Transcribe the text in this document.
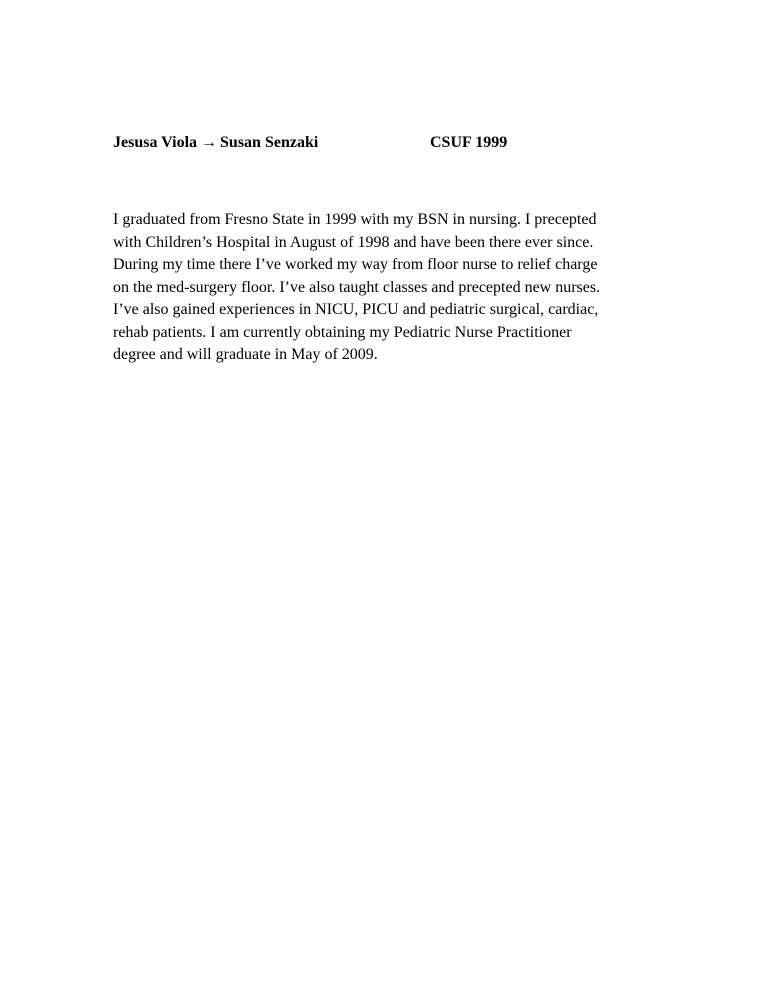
Jesusa Viola → Susan Senzaki	CSUF 1999

I graduated from Fresno State in 1999 with my BSN in nursing. I precepted
with Children’s Hospital in August of 1998 and have been there ever since.
During my time there I’ve worked my way from floor nurse to relief charge
on the med-surgery floor. I’ve also taught classes and precepted new nurses.
I’ve also gained experiences in NICU, PICU and pediatric surgical, cardiac,
rehab patients. I am currently obtaining my Pediatric Nurse Practitioner
degree and will graduate in May of 2009.
